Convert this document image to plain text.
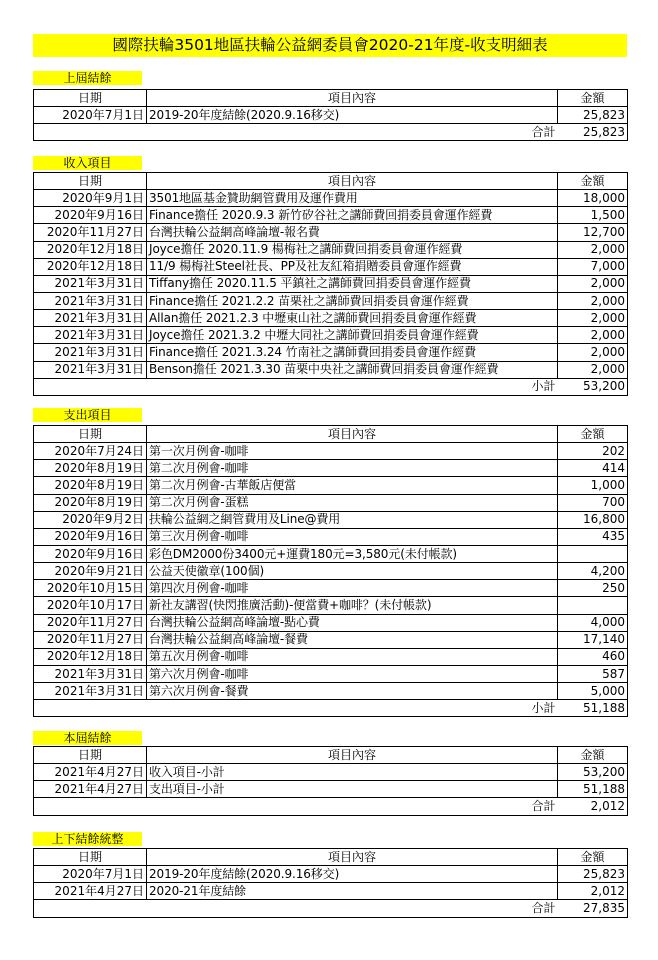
國際扶輪3501地區扶輪公益網委員會2020-21年度-收支明細表
上屆結餘
日期	項目內容	金額
2020年7月1日	2019-20年度結餘(2020.9.16移交)	25,823
合計		25,823
收入項目
日期	項目內容	金額
2020年9月1日	3501地區基金贊助網管費用及運作費用	18,000
2020年9月16日	Finance擔任 2020.9.3 新竹矽谷社之講師費回捐委員會運作經費	1,500
2020年11月27日	台灣扶輪公益網高峰論壇-報名費	12,700
2020年12月18日	Joyce擔任 2020.11.9 楊梅社之講師費回捐委員會運作經費	2,000
2020年12月18日	11/9 楊梅社Steel社長、PP及社友紅箱捐贈委員會運作經費	7,000
2021年3月31日	Tiffany擔任 2020.11.5 平鎮社之講師費回捐委員會運作經費	2,000
2021年3月31日	Finance擔任 2021.2.2 苗栗社之講師費回捐委員會運作經費	2,000
2021年3月31日	Allan擔任 2021.2.3 中壢東山社之講師費回捐委員會運作經費	2,000
2021年3月31日	Joyce擔任 2021.3.2 中壢大同社之講師費回捐委員會運作經費	2,000
2021年3月31日	Finance擔任 2021.3.24 竹南社之講師費回捐委員會運作經費	2,000
2021年3月31日	Benson擔任 2021.3.30 苗栗中央社之講師費回捐委員會運作經費	2,000
小計		53,200
支出項目
日期	項目內容	金額
2020年7月24日	第一次月例會-咖啡	202
2020年8月19日	第二次月例會-咖啡	414
2020年8月19日	第二次月例會-古華飯店便當	1,000
2020年8月19日	第二次月例會-蛋糕	700
2020年9月2日	扶輪公益網之網管費用及Line@費用	16,800
2020年9月16日	第三次月例會-咖啡	435
2020年9月16日	彩色DM2000份3400元+運費180元=3,580元(未付帳款)	
2020年9月21日	公益天使徽章(100個)	4,200
2020年10月15日	第四次月例會-咖啡	250
2020年10月17日	新社友講習(快閃推廣活動)-便當費+咖啡？(未付帳款)	
2020年11月27日	台灣扶輪公益網高峰論壇-點心費	4,000
2020年11月27日	台灣扶輪公益網高峰論壇-餐費	17,140
2020年12月18日	第五次月例會-咖啡	460
2021年3月31日	第六次月例會-咖啡	587
2021年3月31日	第六次月例會-餐費	5,000
小計		51,188
本屆結餘
日期	項目內容	金額
2021年4月27日	收入項目-小計	53,200
2021年4月27日	支出項目-小計	51,188
合計		2,012
上下結餘統整
日期	項目內容	金額
2020年7月1日	2019-20年度結餘(2020.9.16移交)	25,823
2021年4月27日	2020-21年度結餘	2,012
合計		27,835
